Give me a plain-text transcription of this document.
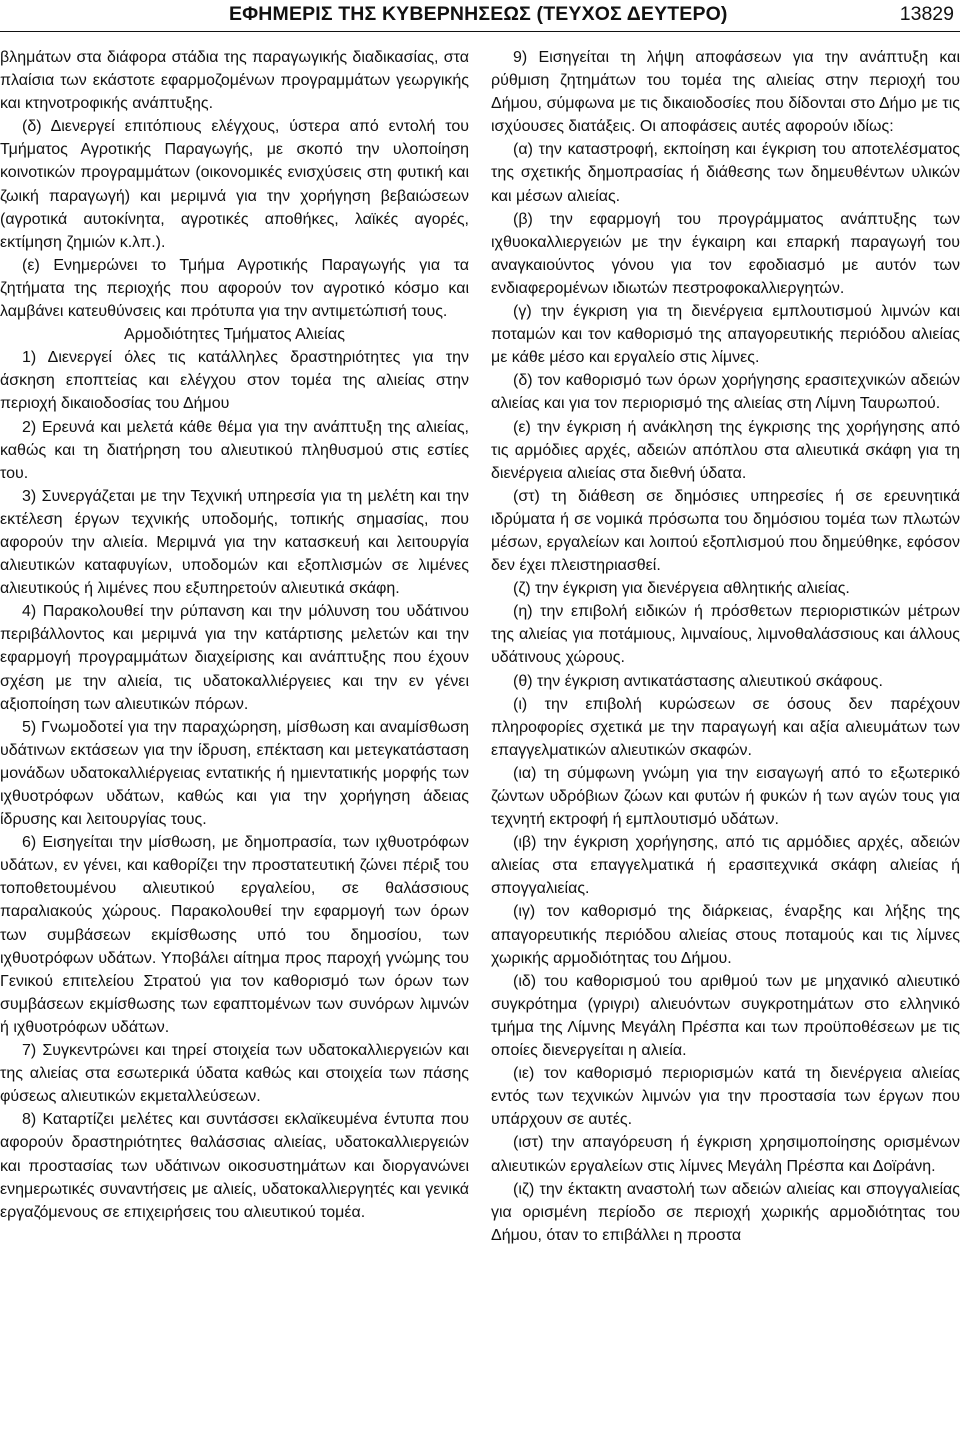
ΕΦΗΜΕΡΙΣ ΤΗΣ ΚΥΒΕΡΝΗΣΕΩΣ (ΤΕΥΧΟΣ ΔΕΥΤΕΡΟ)	13829

βλημάτων στα διάφορα στάδια της παραγωγικής διαδικασίας, στα πλαίσια των εκάστοτε εφαρμοζομένων προγραμμάτων γεωργικής και κτηνοτροφικής ανάπτυξης.

(δ) Διενεργεί επιτόπιους ελέγχους, ύστερα από εντολή του Τμήματος Αγροτικής Παραγωγής, με σκοπό την υλοποίηση κοινοτικών προγραμμάτων (οικονομικές ενισχύσεις στη φυτική και ζωική παραγωγή) και μεριμνά για την χορήγηση βεβαιώσεων (αγροτικά αυτοκίνητα, αγροτικές αποθήκες, λαϊκές αγορές, εκτίμηση ζημιών κ.λπ.).

(ε) Ενημερώνει το Τμήμα Αγροτικής Παραγωγής για τα ζητήματα της περιοχής που αφορούν τον αγροτικό κόσμο και λαμβάνει κατευθύνσεις και πρότυπα για την αντιμετώπισή τους.

Αρμοδιότητες Τμήματος Αλιείας

1) Διενεργεί όλες τις κατάλληλες δραστηριότητες για την άσκηση εποπτείας και ελέγχου στον τομέα της αλιείας στην περιοχή δικαιοδοσίας του Δήμου

2) Ερευνά και μελετά κάθε θέμα για την ανάπτυξη της αλιείας, καθώς και τη διατήρηση του αλιευτικού πληθυσμού στις εστίες του.

3) Συνεργάζεται με την Τεχνική υπηρεσία για τη μελέτη και την εκτέλεση έργων τεχνικής υποδομής, τοπικής σημασίας, που αφορούν την αλιεία. Μεριμνά για την κατασκευή και λειτουργία αλιευτικών καταφυγίων, υποδομών και εξοπλισμών σε λιμένες αλιευτικούς ή λιμένες που εξυπηρετούν αλιευτικά σκάφη.

4) Παρακολουθεί την ρύπανση και την μόλυνση του υδάτινου περιβάλλοντος και μεριμνά για την κατάρτισης μελετών και την εφαρμογή προγραμμάτων διαχείρισης και ανάπτυξης που έχουν σχέση με την αλιεία, τις υδατοκαλλιέργειες και την εν γένει αξιοποίηση των αλιευτικών πόρων.

5) Γνωμοδοτεί για την παραχώρηση, μίσθωση και αναμίσθωση υδάτινων εκτάσεων για την ίδρυση, επέκταση και μετεγκατάσταση μονάδων υδατοκαλλιέργειας εντατικής ή ημιεντατικής μορφής των ιχθυοτρόφων υδάτων, καθώς και για την χορήγηση άδειας ίδρυσης και λειτουργίας τους.

6) Εισηγείται την μίσθωση, με δημοπρασία, των ιχθυοτρόφων υδάτων, εν γένει, και καθορίζει την προστατευτική ζώνει πέριξ του τοποθετουμένου αλιευτικού εργαλείου, σε θαλάσσιους παραλιακούς χώρους. Παρακολουθεί την εφαρμογή των όρων των συμβάσεων εκμίσθωσης υπό του δημοσίου, των ιχθυοτρόφων υδάτων. Υποβάλει αίτημα προς παροχή γνώμης του Γενικού επιτελείου Στρατού για τον καθορισμό των όρων των συμβάσεων εκμίσθωσης των εφαπτομένων των συνόρων λιμνών ή ιχθυοτρόφων υδάτων.

7) Συγκεντρώνει και τηρεί στοιχεία των υδατοκαλλιεργειών και της αλιείας στα εσωτερικά ύδατα καθώς και στοιχεία των πάσης φύσεως αλιευτικών εκμεταλλεύσεων.

8) Καταρτίζει μελέτες και συντάσσει εκλαϊκευμένα έντυπα που αφορούν δραστηριότητες θαλάσσιας αλιείας, υδατοκαλλιεργειών και προστασίας των υδάτινων οικοσυστημάτων και διοργανώνει ενημερωτικές συναντήσεις με αλιείς, υδατοκαλλιεργητές και γενικά εργαζόμενους σε επιχειρήσεις του αλιευτικού τομέα.

9) Εισηγείται τη λήψη αποφάσεων για την ανάπτυξη και ρύθμιση ζητημάτων του τομέα της αλιείας στην περιοχή του Δήμου, σύμφωνα με τις δικαιοδοσίες που δίδονται στο Δήμο με τις ισχύουσες διατάξεις. Οι αποφάσεις αυτές αφορούν ιδίως:

(α) την καταστροφή, εκποίηση και έγκριση του αποτελέσματος της σχετικής δημοπρασίας ή διάθεσης των δημευθέντων υλικών και μέσων αλιείας.

(β) την εφαρμογή του προγράμματος ανάπτυξης των ιχθυοκαλλιεργειών με την έγκαιρη και επαρκή παραγωγή του αναγκαιούντος γόνου για τον εφοδιασμό με αυτόν των ενδιαφερομένων ιδιωτών πεστροφοκαλλιεργητών.

(γ) την έγκριση για τη διενέργεια εμπλουτισμού λιμνών και ποταμών και τον καθορισμό της απαγορευτικής περιόδου αλιείας με κάθε μέσο και εργαλείο στις λίμνες.

(δ) τον καθορισμό των όρων χορήγησης ερασιτεχνικών αδειών αλιείας και για τον περιορισμό της αλιείας στη Λίμνη Ταυρωπού.

(ε) την έγκριση ή ανάκληση της έγκρισης της χορήγησης από τις αρμόδιες αρχές, αδειών απόπλου στα αλιευτικά σκάφη για τη διενέργεια αλιείας στα διεθνή ύδατα.

(στ) τη διάθεση σε δημόσιες υπηρεσίες ή σε ερευνητικά ιδρύματα ή σε νομικά πρόσωπα του δημόσιου τομέα των πλωτών μέσων, εργαλείων και λοιπού εξοπλισμού που δημεύθηκε, εφόσον δεν έχει πλειστηριασθεί.

(ζ) την έγκριση για διενέργεια αθλητικής αλιείας.

(η) την επιβολή ειδικών ή πρόσθετων περιοριστικών μέτρων της αλιείας για ποτάμιους, λιμναίους, λιμνοθαλάσσιους και άλλους υδάτινους χώρους.

(θ) την έγκριση αντικατάστασης αλιευτικού σκάφους.

(ι) την επιβολή κυρώσεων σε όσους δεν παρέχουν πληροφορίες σχετικά με την παραγωγή και αξία αλιευμάτων των επαγγελματικών αλιευτικών σκαφών.

(ια) τη σύμφωνη γνώμη για την εισαγωγή από το εξωτερικό ζώντων υδρόβιων ζώων και φυτών ή φυκών ή των αγών τους για τεχνητή εκτροφή ή εμπλουτισμό υδάτων.

(ιβ) την έγκριση χορήγησης, από τις αρμόδιες αρχές, αδειών αλιείας στα επαγγελματικά ή ερασιτεχνικά σκάφη αλιείας ή σπογγαλιείας.

(ιγ) τον καθορισμό της διάρκειας, έναρξης και λήξης της απαγορευτικής περιόδου αλιείας στους ποταμούς και τις λίμνες χωρικής αρμοδιότητας του Δήμου.

(ιδ) του καθορισμού του αριθμού των με μηχανικό αλιευτικό συγκρότημα (γριγρι) αλιευόντων συγκροτημάτων στο ελληνικό τμήμα της Λίμνης Μεγάλη Πρέσπα και των προϋποθέσεων με τις οποίες διενεργείται η αλιεία.

(ιε) τον καθορισμό περιορισμών κατά τη διενέργεια αλιείας εντός των τεχνικών λιμνών για την προστασία των έργων που υπάρχουν σε αυτές.

(ιστ) την απαγόρευση ή έγκριση χρησιμοποίησης ορισμένων αλιευτικών εργαλείων στις λίμνες Μεγάλη Πρέσπα και Δοϊράνη.

(ιζ) την έκτακτη αναστολή των αδειών αλιείας και σπογγαλιείας για ορισμένη περίοδο σε περιοχή χωρικής αρμοδιότητας του Δήμου, όταν το επιβάλλει η προστα
